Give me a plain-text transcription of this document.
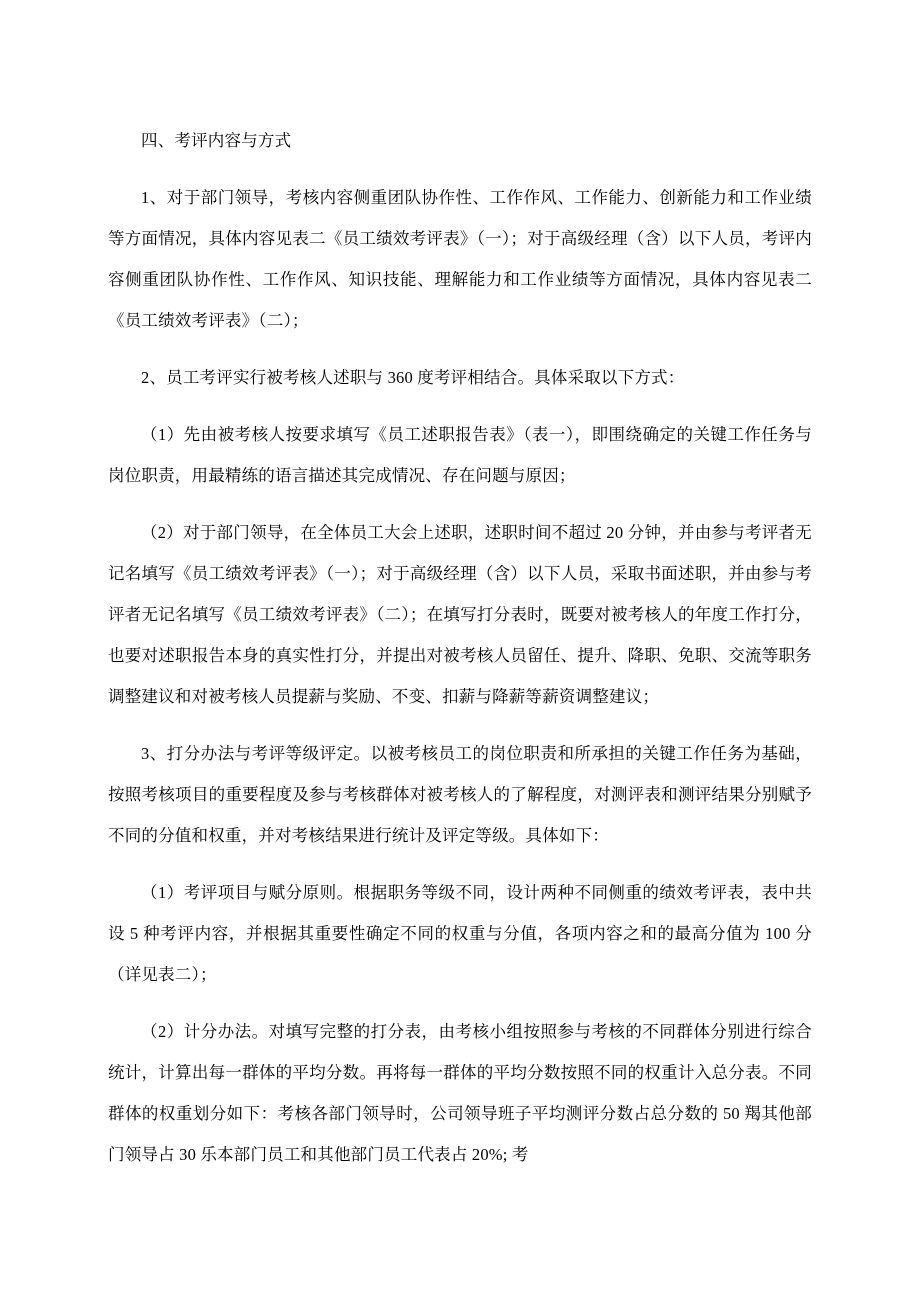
四、考评内容与方式

1、对于部门领导，考核内容侧重团队协作性、工作作风、工作能力、创新能力和工作业绩等方面情况，具体内容见表二《员工绩效考评表》（一）；对于高级经理（含）以下人员，考评内容侧重团队协作性、工作作风、知识技能、理解能力和工作业绩等方面情况，具体内容见表二《员工绩效考评表》（二）；

2、员工考评实行被考核人述职与 360 度考评相结合。具体采取以下方式：

（1）先由被考核人按要求填写《员工述职报告表》（表一），即围绕确定的关键工作任务与岗位职责，用最精练的语言描述其完成情况、存在问题与原因；

（2）对于部门领导，在全体员工大会上述职，述职时间不超过 20 分钟，并由参与考评者无记名填写《员工绩效考评表》（一）；对于高级经理（含）以下人员，采取书面述职，并由参与考评者无记名填写《员工绩效考评表》（二）；在填写打分表时，既要对被考核人的年度工作打分，也要对述职报告本身的真实性打分，并提出对被考核人员留任、提升、降职、免职、交流等职务调整建议和对被考核人员提薪与奖励、不变、扣薪与降薪等薪资调整建议；

3、打分办法与考评等级评定。以被考核员工的岗位职责和所承担的关键工作任务为基础，按照考核项目的重要程度及参与考核群体对被考核人的了解程度，对测评表和测评结果分别赋予不同的分值和权重，并对考核结果进行统计及评定等级。具体如下：

（1）考评项目与赋分原则。根据职务等级不同，设计两种不同侧重的绩效考评表，表中共设 5 种考评内容，并根据其重要性确定不同的权重与分值，各项内容之和的最高分值为 100 分（详见表二）；

（2）计分办法。对填写完整的打分表，由考核小组按照参与考核的不同群体分别进行综合统计，计算出每一群体的平均分数。再将每一群体的平均分数按照不同的权重计入总分表。不同群体的权重划分如下：考核各部门领导时，公司领导班子平均测评分数占总分数的 50 羯其他部门领导占 30 乐本部门员工和其他部门员工代表占 20%; 考
